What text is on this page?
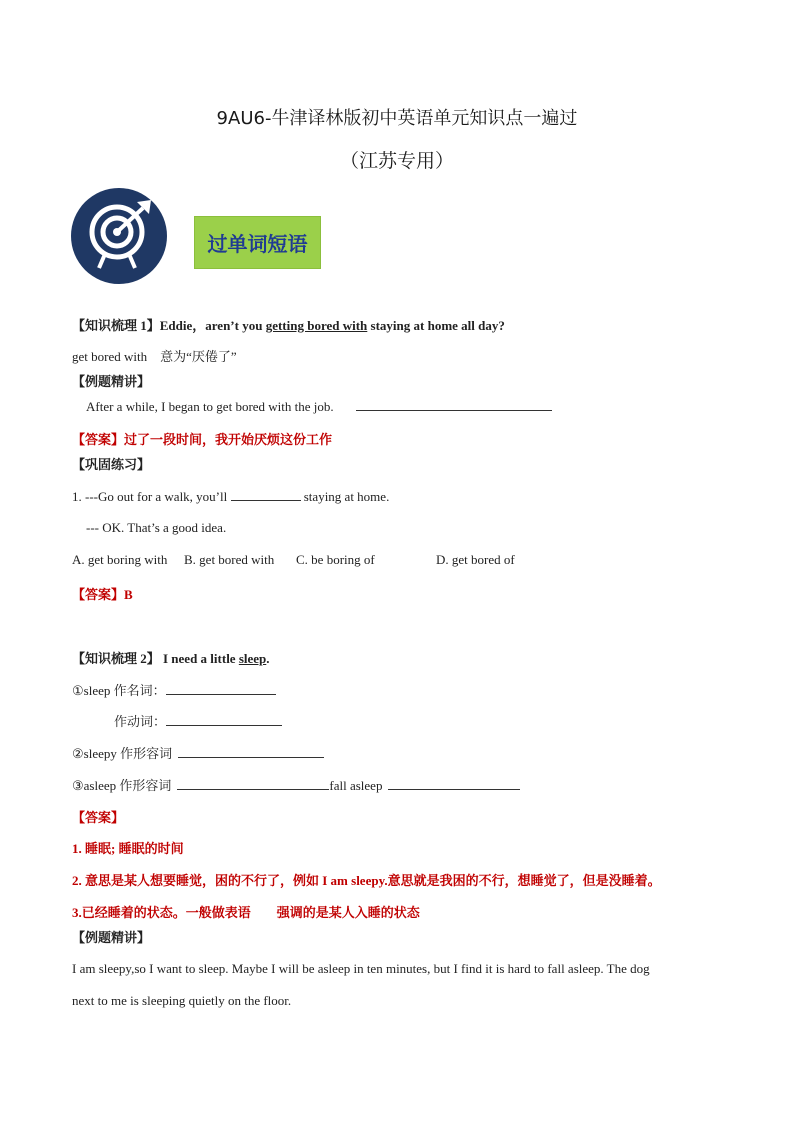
9AU6-牛津译林版初中英语单元知识点一遍过
（江苏专用）
过单词短语
【知识梳理 1】Eddie，aren’t you getting bored with staying at home all day?
get bored with　意为“厌倦了”
【例题精讲】
After a while, I began to get bored with the job.
【答案】过了一段时间，我开始厌烦这份工作
【巩固练习】
1. ---Go out for a walk, you’ll	staying at home.
--- OK. That’s a good idea.
A. get boring with B. get bored with C. be boring of	D. get bored of
【答案】B
【知识梳理 2】 I need a little sleep.
①sleep 作名词：
作动词：
②sleepy 作形容词
③asleep 作形容词	fall asleep
【答案】
1. 睡眠; 睡眠的时间
2. 意思是某人想要睡觉，困的不行了，例如 I am sleepy.意思就是我困的不行，想睡觉了，但是没睡着。
3.已经睡着的状态。一般做表语　　强调的是某人入睡的状态
【例题精讲】
I am sleepy,so I want to sleep. Maybe I will be asleep in ten minutes, but I find it is hard to fall asleep. The dog
next to me is sleeping quietly on the floor.
